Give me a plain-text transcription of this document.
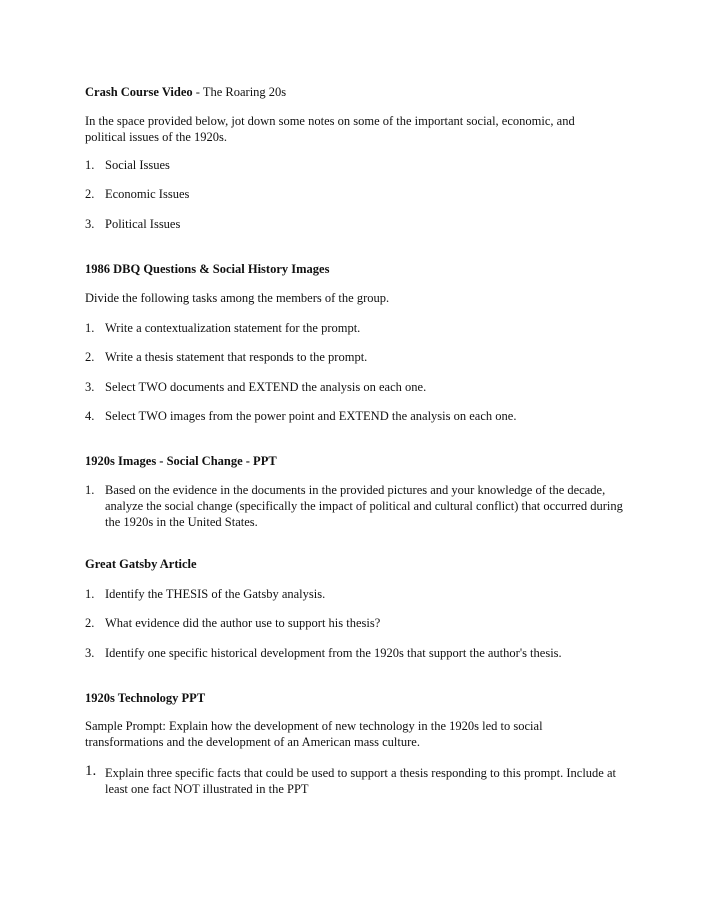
Crash Course Video - The Roaring 20s

In the space provided below, jot down some notes on some of the important social, economic, and political issues of the 1920s.

1. Social Issues
2. Economic Issues
3. Political Issues

1986 DBQ Questions & Social History Images

Divide the following tasks among the members of the group.

1. Write a contextualization statement for the prompt.
2. Write a thesis statement that responds to the prompt.
3. Select TWO documents and EXTEND the analysis on each one.
4. Select TWO images from the power point and EXTEND the analysis on each one.

1920s Images - Social Change - PPT

1. Based on the evidence in the documents in the provided pictures and your knowledge of the decade, analyze the social change (specifically the impact of political and cultural conflict) that occurred during the 1920s in the United States.

Great Gatsby Article

1. Identify the THESIS of the Gatsby analysis.
2. What evidence did the author use to support his thesis?
3. Identify one specific historical development from the 1920s that support the author's thesis.

1920s Technology PPT

Sample Prompt: Explain how the development of new technology in the 1920s led to social transformations and the development of an American mass culture.

1. Explain three specific facts that could be used to support a thesis responding to this prompt. Include at least one fact NOT illustrated in the PPT
